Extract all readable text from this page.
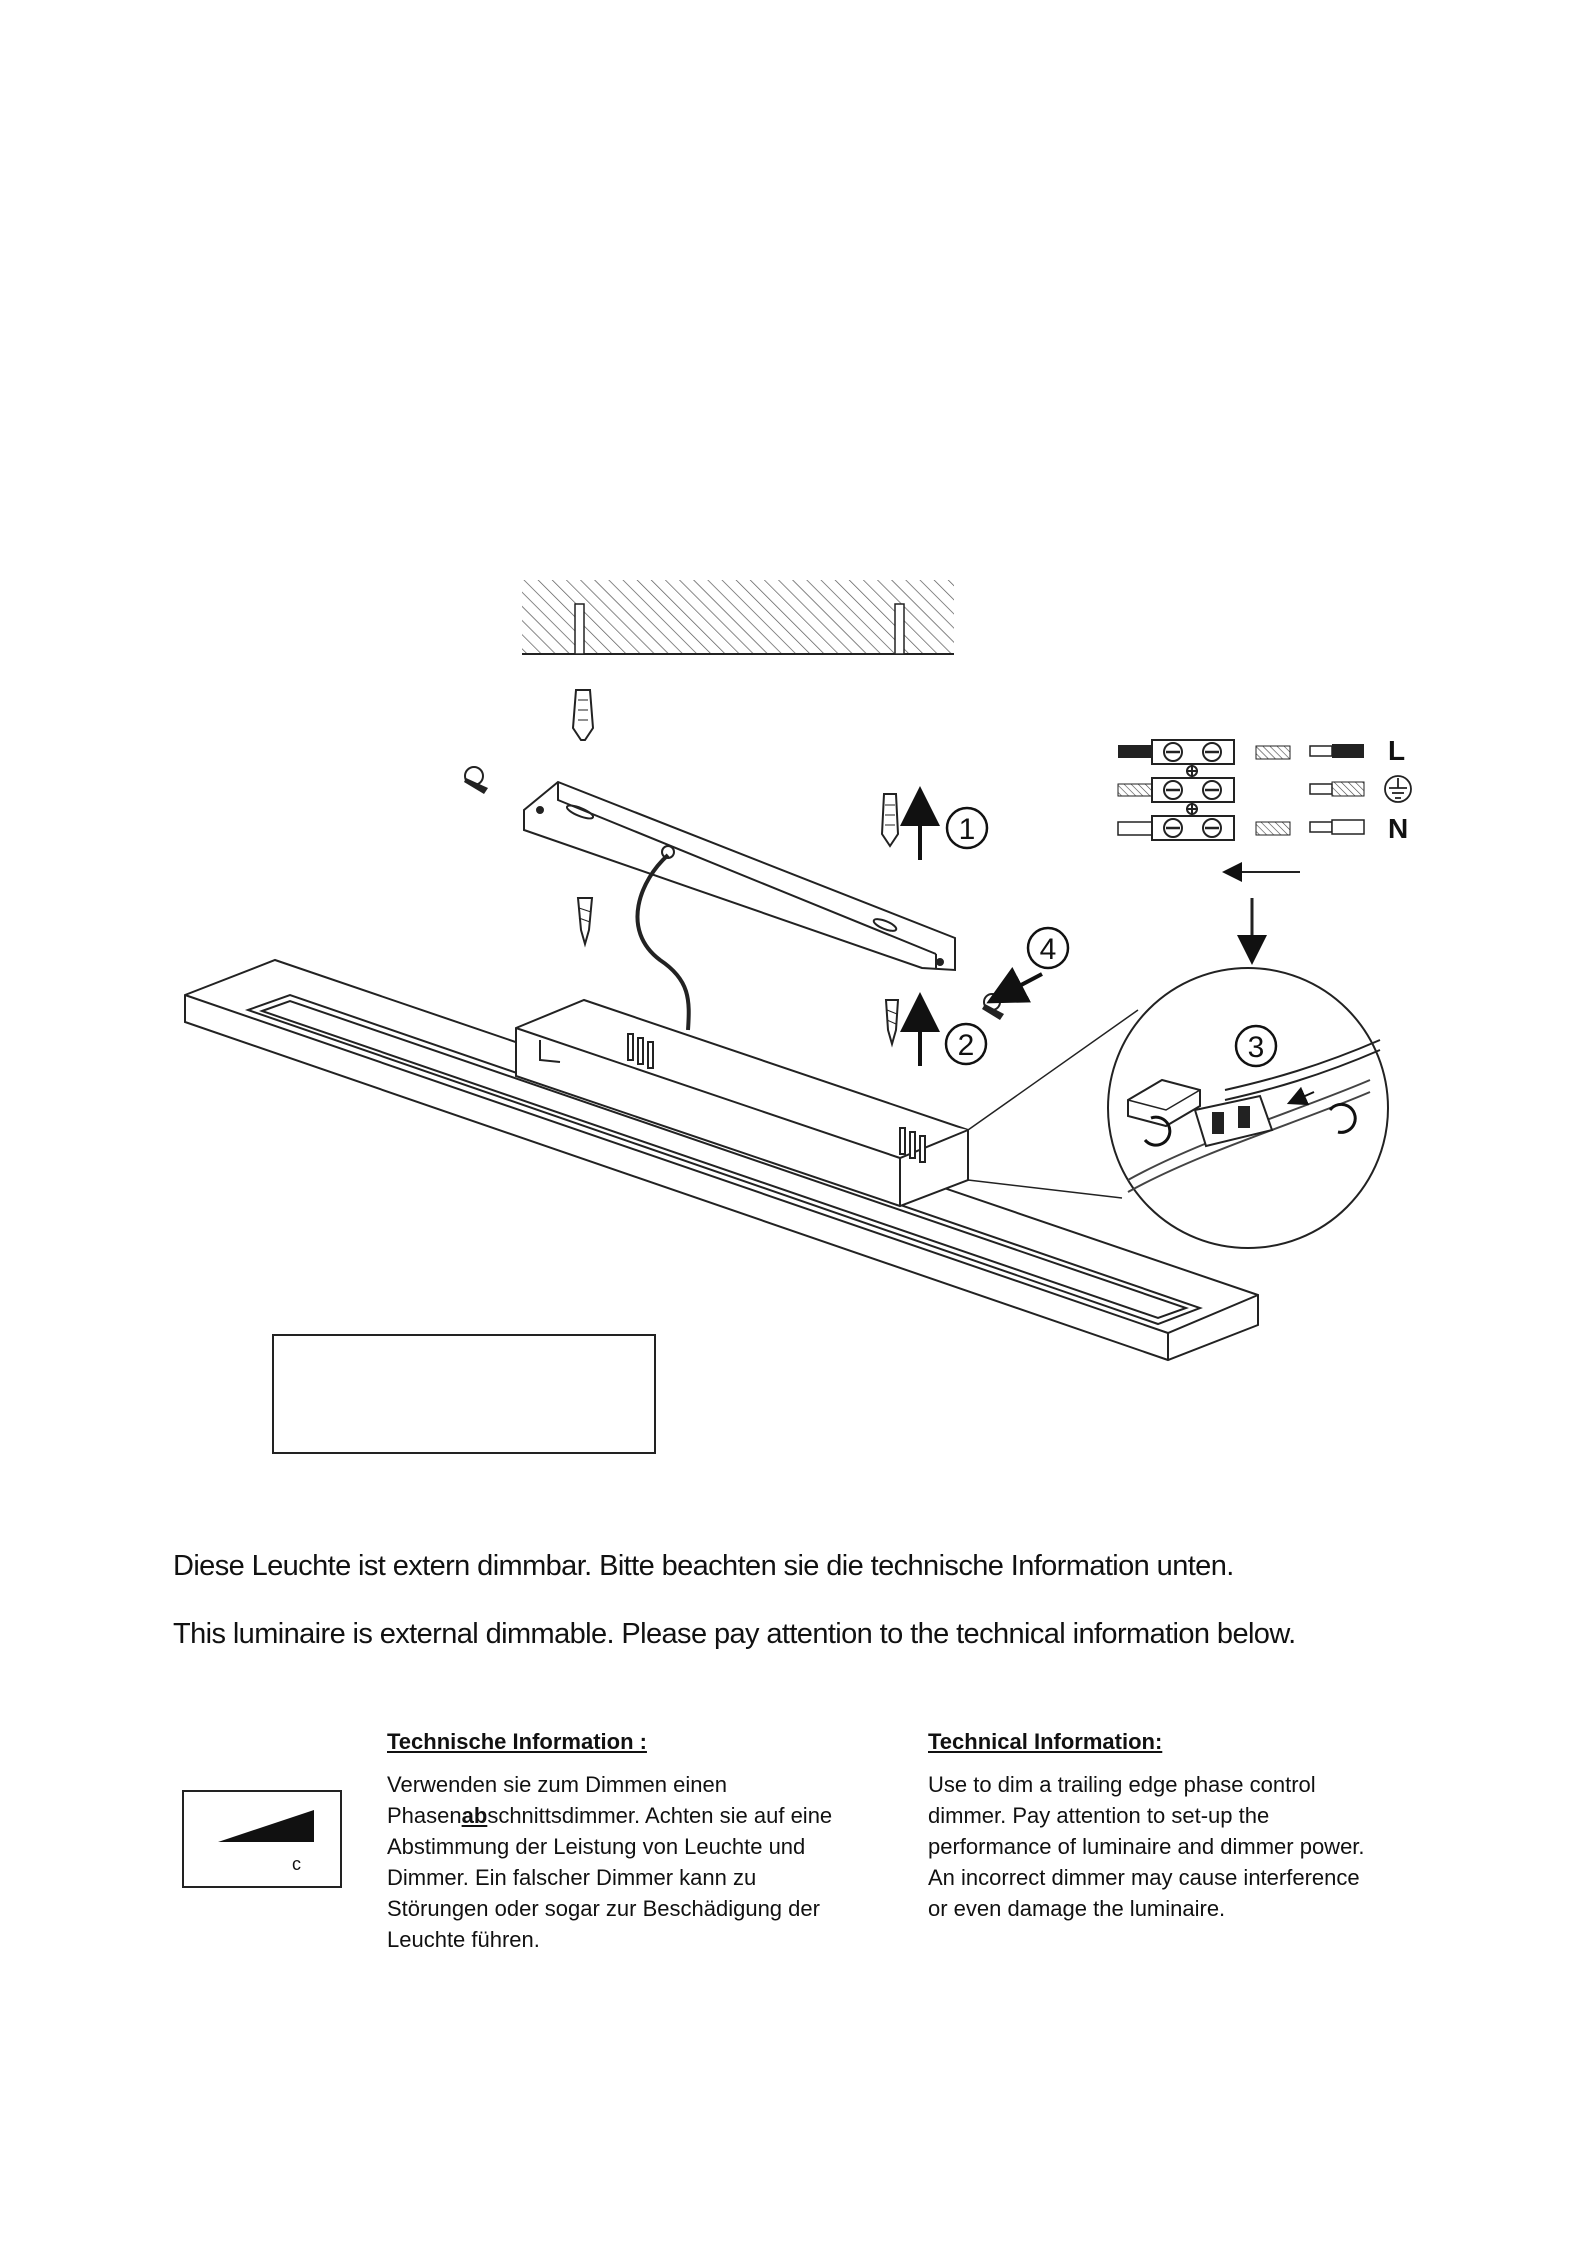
1
2
4
3
L
N
Diese Leuchte ist extern dimmbar. Bitte beachten sie die technische Information unten.
This luminaire is external dimmable. Please pay attention to the technical information below.
c
Technische Information :
Verwenden sie zum Dimmen einen
Phasenabschnittsdimmer. Achten sie auf eine
Abstimmung der Leistung von Leuchte und
Dimmer. Ein falscher Dimmer kann zu
Störungen oder sogar zur Beschädigung der
Leuchte führen.
Technical Information:
Use to dim a trailing edge phase control
dimmer. Pay attention to set-up the
performance of luminaire and dimmer power.
An incorrect dimmer may cause interference
or even damage the luminaire.
